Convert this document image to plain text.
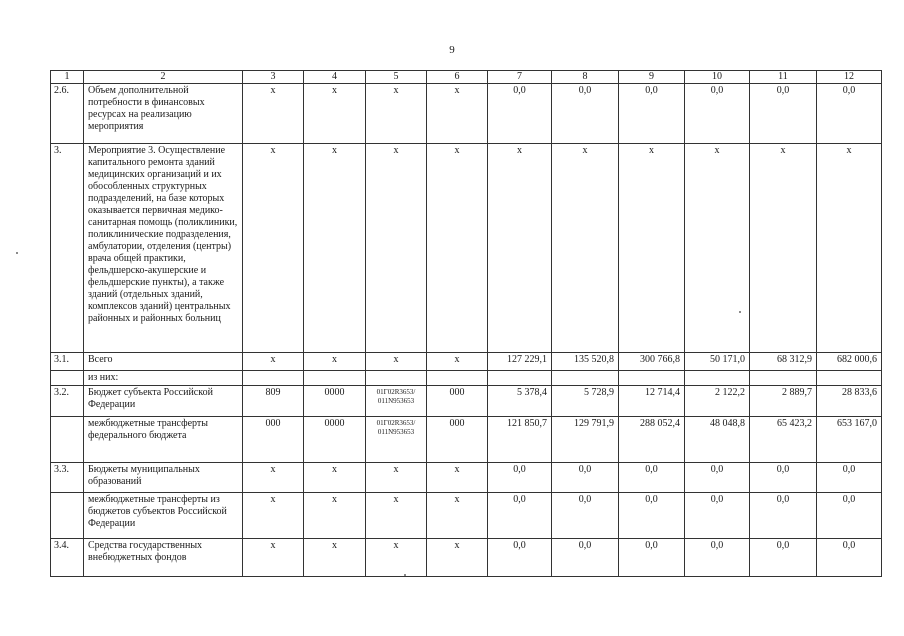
9
1	2	3	4	5	6	7	8	9	10	11	12
2.6.	Объем дополнительной потребности в финансовых ресурсах на реализацию мероприятия	x	x	x	x	0,0	0,0	0,0	0,0	0,0	0,0
3.	Мероприятие 3. Осуществление капитального ремонта зданий медицинских организаций и их обособленных структурных подразделений, на базе которых оказывается первичная медико-санитарная помощь (поликлиники, поликлинические подразделения, амбулатории, отделения (центры) врача общей практики, фельдшерско-акушерские и фельдшерские пункты), а также зданий (отдельных зданий, комплексов зданий) центральных районных и районных больниц	x	x	x	x	x	x	x	x	x	x
3.1.	Всего	x	x	x	x	127 229,1	135 520,8	300 766,8	50 171,0	68 312,9	682 000,6
	из них:										
3.2.	Бюджет субъекта Российской Федерации	809	0000	01Г02R3653/ 011N953653	000	5 378,4	5 728,9	12 714,4	2 122,2	2 889,7	28 833,6
	межбюджетные трансферты федерального бюджета	000	0000	01Г02R3653/ 011N953653	000	121 850,7	129 791,9	288 052,4	48 048,8	65 423,2	653 167,0
3.3.	Бюджеты муниципальных образований	x	x	x	x	0,0	0,0	0,0	0,0	0,0	0,0
	межбюджетные трансферты из бюджетов субъектов Российской Федерации	x	x	x	x	0,0	0,0	0,0	0,0	0,0	0,0
3.4.	Средства государственных внебюджетных фондов	x	x	x	x	0,0	0,0	0,0	0,0	0,0	0,0
